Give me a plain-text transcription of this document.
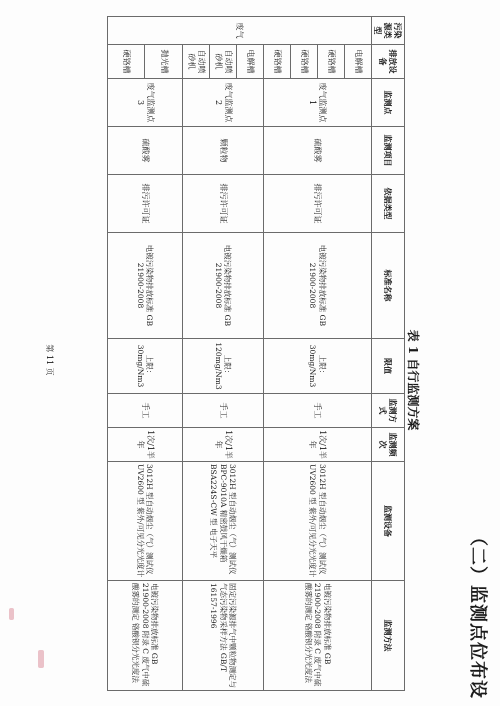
（二）监测点位布设
表 1 自行监测方案
污染源类型	排放设备	监测点	监测项目	依据类型	标准名称	限值	监测方式	监测频次	监测设备	监测方法
废气	电解槽	废气监测点 1	硫酸雾	排污许可证	电镀污染物排放标准 GB 21900-2008	上限：30mg/Nm3	手工	1次/1半年	3012H 型自动烟尘（气）测试仪 UV2600 型 紫外/可见分光光度计	电镀污染物排放标准 GB 21900-2008 附录 C 废气中硫酸雾的测定 铬酸钡分光光度法
	硬铬槽									
	硬铬槽									
	硬铬槽									
	电解槽	废气监测点 2	颗粒物	排污许可证	电镀污染物排放标准 GB 21900-2008	上限：120mg/Nm3	手工	1次/1半年	3012H 型自动烟尘（气）测试仪 BPC-9010A 精密鼓风干燥箱 BSA224S-CW 型 电子天平	固定污染源排气中颗粒物测定与气态污染物采样方法 GB/T 16157-1996
	自动喷砂机									
	自动喷砂机									
	抛光槽	废气监测点 3	硫酸雾	排污许可证	电镀污染物排放标准 GB 21900-2008	上限：30mg/Nm3	手工	1次/1半年	3012H 型自动烟尘（气）测试仪 UV2600 型 紫外/可见分光光度计	电镀污染物排放标准 GB 21900-2008 附录 C 废气中硫酸雾的测定 铬酸钡分光光度法
	硬铬槽									
第 11 页
